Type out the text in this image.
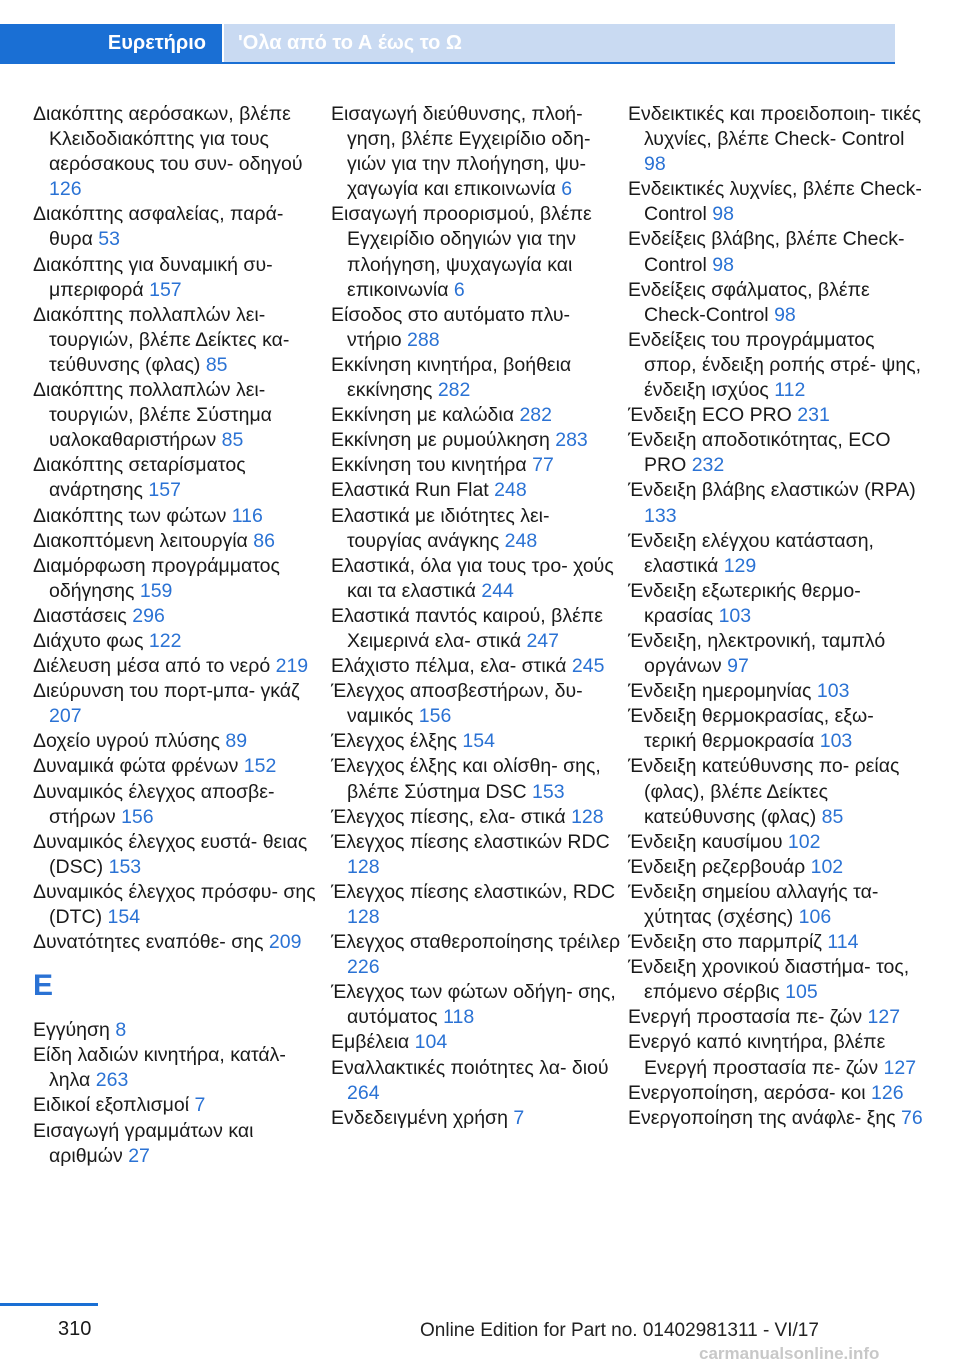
Ευρετήριο	'Ολα από το Α έως το Ω
Διακόπτης αερόσακων, βλέπε Κλειδοδιακόπτης για τους αερόσακους του συν‐ οδηγού 126
Διακόπτης ασφαλείας, παρά‐ θυρα 53
Διακόπτης για δυναμική συ‐ μπεριφορά 157
Διακόπτης πολλαπλών λει‐ τουργιών, βλέπε Δείκτες κα‐ τεύθυνσης (φλας) 85
Διακόπτης πολλαπλών λει‐ τουργιών, βλέπε Σύστημα υαλοκαθαριστήρων 85
Διακόπτης σεταρίσματος ανάρτησης 157
Διακόπτης των φώτων 116
Διακοπτόμενη λειτουργία 86
Διαμόρφωση προγράμματος οδήγησης 159
Διαστάσεις 296
Διάχυτο φως 122
Διέλευση μέσα από το νερό 219
Διεύρυνση του πορτ-μπα‐ γκάζ 207
Δοχείο υγρού πλύσης 89
Δυναμικά φώτα φρένων 152
Δυναμικός έλεγχος αποσβε‐ στήρων 156
Δυναμικός έλεγχος ευστά‐ θειας (DSC) 153
Δυναμικός έλεγχος πρόσφυ‐ σης (DTC) 154
Δυνατότητες εναπόθε‐ σης 209
Ε
Εγγύηση 8
Είδη λαδιών κινητήρα, κατάλ‐ ληλα 263
Ειδικοί εξοπλισμοί 7
Εισαγωγή γραμμάτων και αριθμών 27
Εισαγωγή διεύθυνσης, πλοή‐ γηση, βλέπε Εγχειρίδιο οδη‐ γιών για την πλοήγηση, ψυ‐ χαγωγία και επικοινωνία 6
Εισαγωγή προορισμού, βλέπε Εγχειρίδιο οδηγιών για την πλοήγηση, ψυχαγωγία και επικοινωνία 6
Είσοδος στο αυτόματο πλυ‐ ντήριο 288
Εκκίνηση κινητήρα, βοήθεια εκκίνησης 282
Εκκίνηση με καλώδια 282
Εκκίνηση με ρυμούλκηση 283
Εκκίνηση του κινητήρα 77
Ελαστικά Run Flat 248
Ελαστικά με ιδιότητες λει‐ τουργίας ανάγκης 248
Ελαστικά, όλα για τους τρο‐ χούς και τα ελαστικά 244
Ελαστικά παντός καιρού, βλέπε Χειμερινά ελα‐ στικά 247
Ελάχιστο πέλμα, ελα‐ στικά 245
Έλεγχος αποσβεστήρων, δυ‐ ναμικός 156
Έλεγχος έλξης 154
Έλεγχος έλξης και ολίσθη‐ σης, βλέπε Σύστημα DSC 153
Έλεγχος πίεσης, ελα‐ στικά 128
Έλεγχος πίεσης ελαστικών RDC 128
Έλεγχος πίεσης ελαστικών, RDC 128
Έλεγχος σταθεροποίησης τρέιλερ 226
Έλεγχος των φώτων οδήγη‐ σης, αυτόματος 118
Εμβέλεια 104
Εναλλακτικές ποιότητες λα‐ διού 264
Ενδεδειγμένη χρήση 7
Ενδεικτικές και προειδοποιη‐ τικές λυχνίες, βλέπε Check- Control 98
Ενδεικτικές λυχνίες, βλέπε Check-Control 98
Ενδείξεις βλάβης, βλέπε Check-Control 98
Ενδείξεις σφάλματος, βλέπε Check-Control 98
Ενδείξεις του προγράμματος σπορ, ένδειξη ροπής στρέ‐ ψης, ένδειξη ισχύος 112
Ένδειξη ECO PRO 231
Ένδειξη αποδοτικότητας, ECO PRO 232
Ένδειξη βλάβης ελαστικών (RPA) 133
Ένδειξη ελέγχου κατάσταση, ελαστικά 129
Ένδειξη εξωτερικής θερμο‐ κρασίας 103
Ένδειξη, ηλεκτρονική, ταμπλό οργάνων 97
Ένδειξη ημερομηνίας 103
Ένδειξη θερμοκρασίας, εξω‐ τερική θερμοκρασία 103
Ένδειξη κατεύθυνσης πο‐ ρείας (φλας), βλέπε Δείκτες κατεύθυνσης (φλας) 85
Ένδειξη καυσίμου 102
Ένδειξη ρεζερβουάρ 102
Ένδειξη σημείου αλλαγής τα‐ χύτητας (σχέσης) 106
Ένδειξη στο παρμπρίζ 114
Ένδειξη χρονικού διαστήμα‐ τος, επόμενο σέρβις 105
Ενεργή προστασία πε‐ ζών 127
Ενεργό καπό κινητήρα, βλέπε Ενεργή προστασία πε‐ ζών 127
Ενεργοποίηση, αερόσα‐ κοι 126
Ενεργοποίηση της ανάφλε‐ ξης 76
310	Online Edition for Part no. 01402981311 - VI/17
carmanualsonline.info
